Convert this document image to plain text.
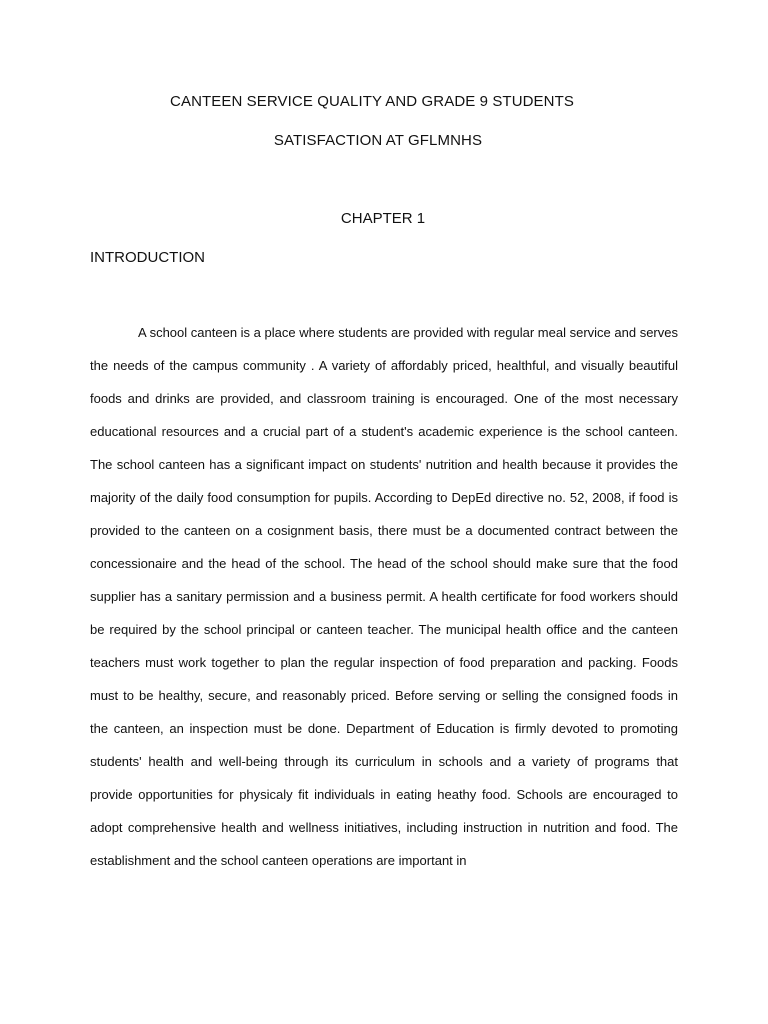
CANTEEN SERVICE QUALITY AND GRADE 9 STUDENTS
SATISFACTION AT GFLMNHS
CHAPTER 1
INTRODUCTION

A school canteen is a place where students are provided with regular meal service and serves the needs of the campus community . A variety of affordably priced, healthful, and visually beautiful foods and drinks are provided, and classroom training is encouraged. One of the most necessary educational resources and a crucial part of a student's academic experience is the school canteen. The school canteen has a significant impact on students' nutrition and health because it provides the majority of the daily food consumption for pupils. According to DepEd directive no. 52, 2008, if food is provided to the canteen on a cosignment basis, there must be a documented contract between the concessionaire and the head of the school. The head of the school should make sure that the food supplier has a sanitary permission and a business permit. A health certificate for food workers should be required by the school principal or canteen teacher. The municipal health office and the canteen teachers must work together to plan the regular inspection of food preparation and packing. Foods must to be healthy, secure, and reasonably priced. Before serving or selling the consigned foods in the canteen, an inspection must be done. Department of Education is firmly devoted to promoting students' health and well-being through its curriculum in schools and a variety of programs that provide opportunities for physicaly fit individuals in eating heathy food. Schools are encouraged to adopt comprehensive health and wellness initiatives, including instruction in nutrition and food. The establishment and the school canteen operations are important in
